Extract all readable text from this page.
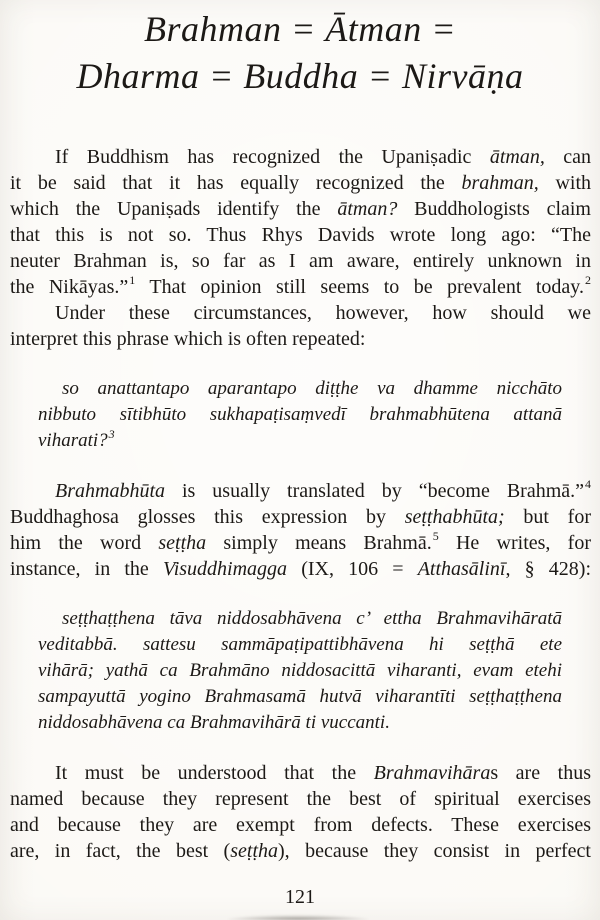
Brahman = Ātman =
Dharma = Buddha = Nirvāṇa
If Buddhism has recognized the Upaniṣadic ātman, can
it be said that it has equally recognized the brahman, with
which the Upaniṣads identify the ātman? Buddhologists claim
that this is not so. Thus Rhys Davids wrote long ago: “The
neuter Brahman is, so far as I am aware, entirely unknown in
the Nikāyas.”$^1$ That opinion still seems to be prevalent today.$^2$
Under these circumstances, however, how should we
interpret this phrase which is often repeated:
so anattantapo aparantapo diṭṭhe va dhamme nicchāto
nibbuto sītibhūto sukhapaṭisaṃvedī brahmabhūtena attanā
viharati?$^3$
Brahmabhūta is usually translated by “become Brahmā.”$^4$
Buddhaghosa glosses this expression by seṭṭhabhūta; but for
him the word seṭṭha simply means Brahmā.$^5$ He writes, for
instance, in the Visuddhimagga (IX, 106 = Atthasālinī, § 428):
seṭṭhaṭṭhena tāva niddosabhāvena c’ ettha Brahmavihāratā
veditabbā. sattesu sammāpaṭipattibhāvena hi seṭṭhā ete
vihārā; yathā ca Brahmāno niddosacittā viharanti, evam etehi
sampayuttā yogino Brahmasamā hutvā viharantīti seṭṭhaṭṭhena
niddosabhāvena ca Brahmavihārā ti vuccanti.
It must be understood that the Brahmavihāras are thus
named because they represent the best of spiritual exercises
and because they are exempt from defects. These exercises
are, in fact, the best (seṭṭha), because they consist in perfect
121
